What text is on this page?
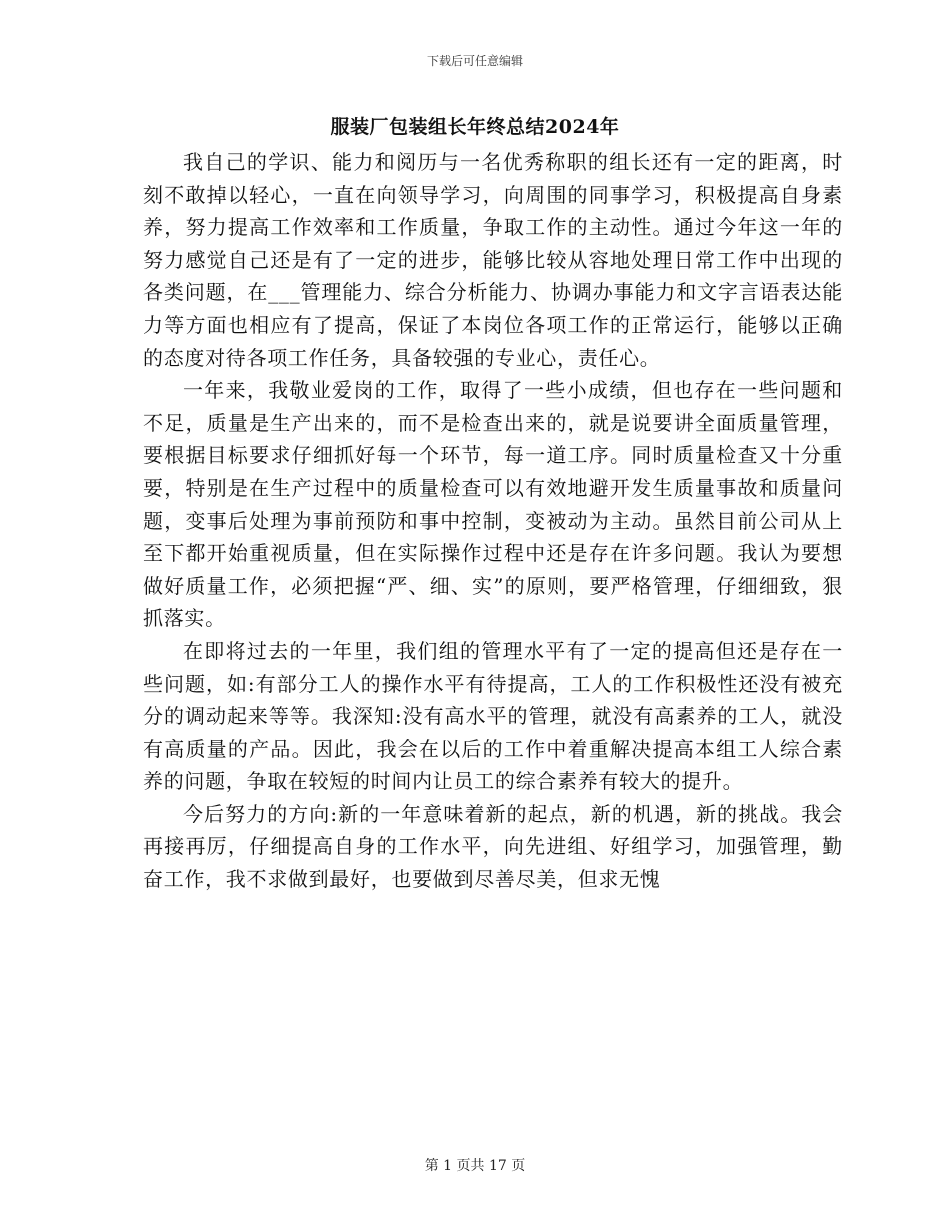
下载后可任意编辑
服装厂包装组长年终总结2024年

我自己的学识、能力和阅历与一名优秀称职的组长还有一定的距离，时刻不敢掉以轻心，一直在向领导学习，向周围的同事学习，积极提高自身素养，努力提高工作效率和工作质量，争取工作的主动性。通过今年这一年的努力感觉自己还是有了一定的进步，能够比较从容地处理日常工作中出现的各类问题，在___管理能力、综合分析能力、协调办事能力和文字言语表达能力等方面也相应有了提高，保证了本岗位各项工作的正常运行，能够以正确的态度对待各项工作任务，具备较强的专业心，责任心。

一年来，我敬业爱岗的工作，取得了一些小成绩，但也存在一些问题和不足，质量是生产出来的，而不是检查出来的，就是说要讲全面质量管理，要根据目标要求仔细抓好每一个环节，每一道工序。同时质量检查又十分重要，特别是在生产过程中的质量检查可以有效地避开发生质量事故和质量问题，变事后处理为事前预防和事中控制，变被动为主动。虽然目前公司从上至下都开始重视质量，但在实际操作过程中还是存在许多问题。我认为要想做好质量工作，必须把握“严、细、实”的原则，要严格管理，仔细细致，狠抓落实。

在即将过去的一年里，我们组的管理水平有了一定的提高但还是存在一些问题，如:有部分工人的操作水平有待提高，工人的工作积极性还没有被充分的调动起来等等。我深知:没有高水平的管理，就没有高素养的工人，就没有高质量的产品。因此，我会在以后的工作中着重解决提高本组工人综合素养的问题，争取在较短的时间内让员工的综合素养有较大的提升。

今后努力的方向:新的一年意味着新的起点，新的机遇，新的挑战。我会再接再厉，仔细提高自身的工作水平，向先进组、好组学习，加强管理，勤奋工作，我不求做到最好，也要做到尽善尽美，但求无愧

第 1 页共 17 页
